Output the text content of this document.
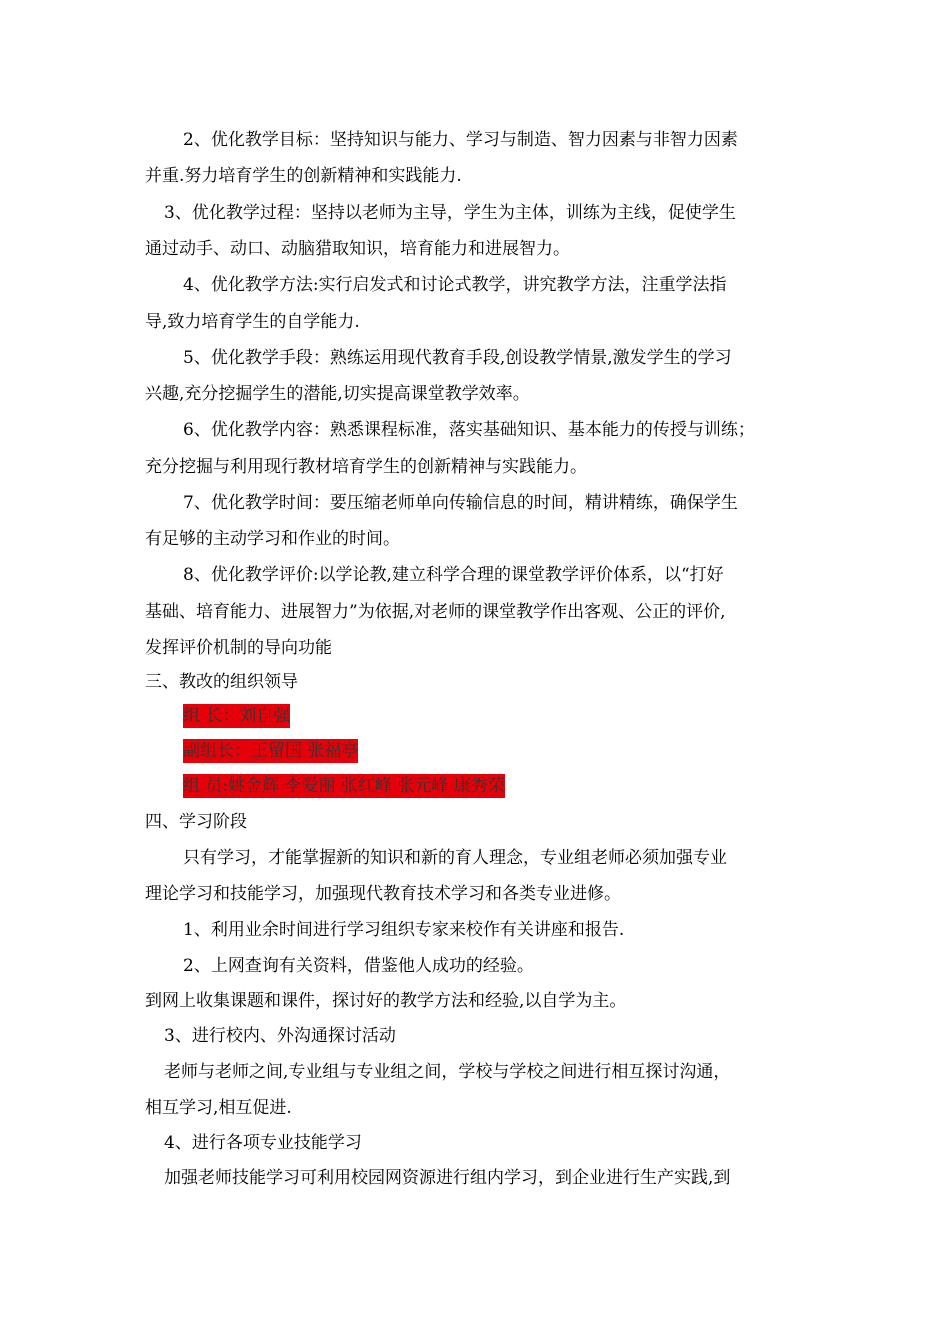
2、优化教学目标：坚持知识与能力、学习与制造、智力因素与非智力因素
并重.努力培育学生的创新精神和实践能力.
3、优化教学过程：坚持以老师为主导，学生为主体，训练为主线，促使学生
通过动手、动口、动脑猎取知识，培育能力和进展智力。
4、优化教学方法:实行启发式和讨论式教学，讲究教学方法，注重学法指
导,致力培育学生的自学能力.
5、优化教学手段：熟练运用现代教育手段,创设教学情景,激发学生的学习
兴趣,充分挖掘学生的潜能,切实提高课堂教学效率。
6、优化教学内容：熟悉课程标准，落实基础知识、基本能力的传授与训练；
充分挖掘与利用现行教材培育学生的创新精神与实践能力。
7、优化教学时间：要压缩老师单向传输信息的时间，精讲精练，确保学生
有足够的主动学习和作业的时间。
8、优化教学评价:以学论教,建立科学合理的课堂教学评价体系，以“打好
基础、培育能力、进展智力”为依据,对老师的课堂教学作出客观、公正的评价,
发挥评价机制的导向功能
三、教改的组织领导
组 长：刘自强
副组长：王留国 张福亭
组 员:姚金辉 李爱丽 张红峰 张元峰 康秀荣
四、学习阶段
只有学习，才能掌握新的知识和新的育人理念，专业组老师必须加强专业
理论学习和技能学习，加强现代教育技术学习和各类专业进修。
1、利用业余时间进行学习组织专家来校作有关讲座和报告.
2、上网查询有关资料，借鉴他人成功的经验。
到网上收集课题和课件，探讨好的教学方法和经验,以自学为主。
3、进行校内、外沟通探讨活动
老师与老师之间,专业组与专业组之间，学校与学校之间进行相互探讨沟通，
相互学习,相互促进.
4、进行各项专业技能学习
加强老师技能学习可利用校园网资源进行组内学习，到企业进行生产实践,到
